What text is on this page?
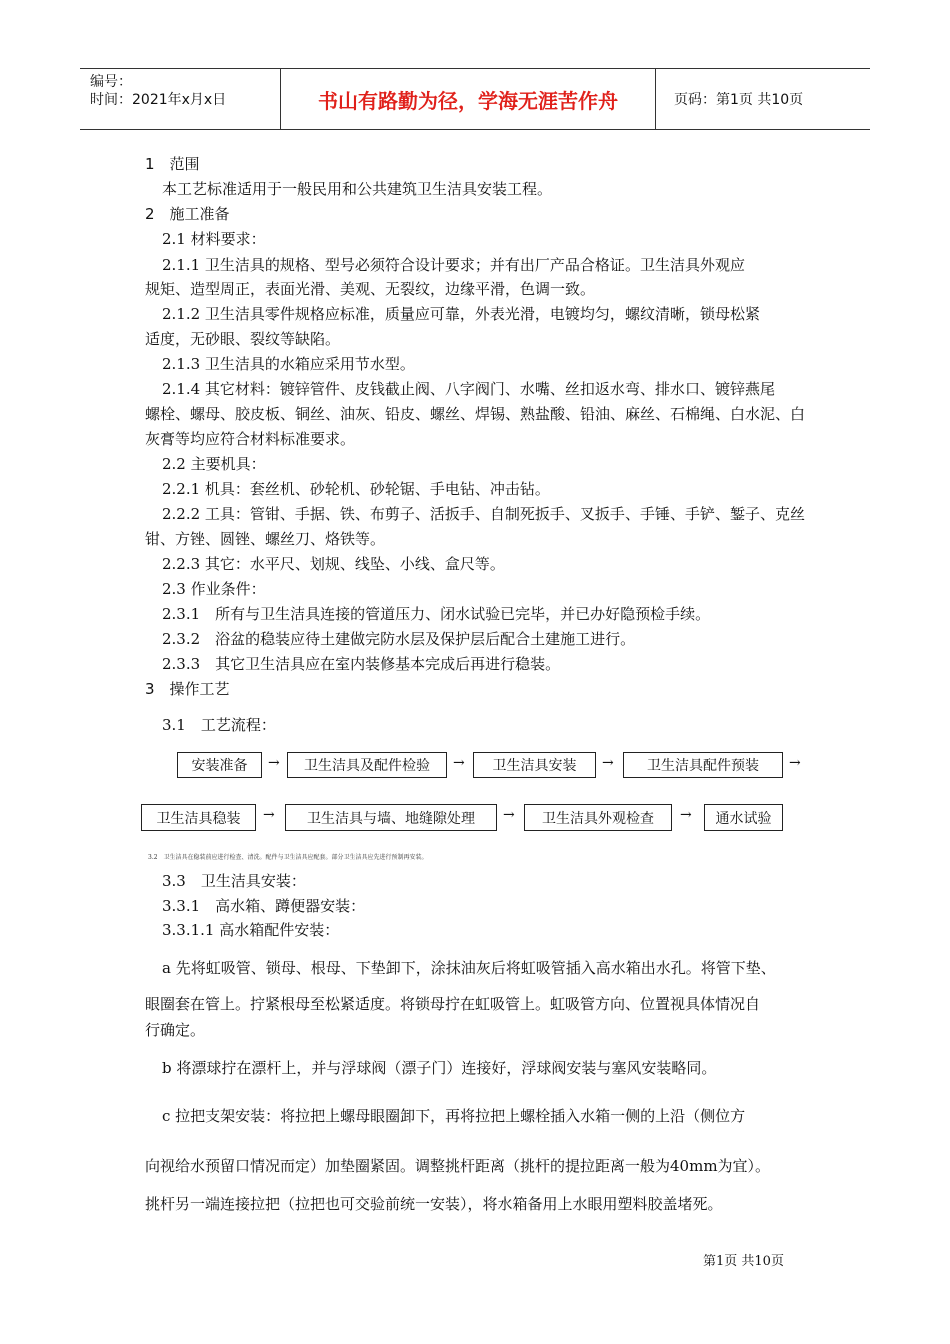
编号：
时间：2021年x月x日	书山有路勤为径，学海无涯苦作舟	页码：第1页 共10页
1　范围
本工艺标准适用于一般民用和公共建筑卫生洁具安装工程。
2　施工准备
2.1 材料要求：
2.1.1 卫生洁具的规格、型号必须符合设计要求；并有出厂产品合格证。卫生洁具外观应
规矩、造型周正，表面光滑、美观、无裂纹，边缘平滑，色调一致。
2.1.2 卫生洁具零件规格应标准，质量应可靠，外表光滑，电镀均匀，螺纹清晰，锁母松紧
适度，无砂眼、裂纹等缺陷。
2.1.3 卫生洁具的水箱应采用节水型。
2.1.4 其它材料：镀锌管件、皮钱截止阀、八字阀门、水嘴、丝扣返水弯、排水口、镀锌燕尾
螺栓、螺母、胶皮板、铜丝、油灰、铅皮、螺丝、焊锡、熟盐酸、铅油、麻丝、石棉绳、白水泥、白
灰膏等均应符合材料标准要求。
2.2 主要机具：
2.2.1 机具：套丝机、砂轮机、砂轮锯、手电钻、冲击钻。
2.2.2 工具：管钳、手据、铁、布剪子、活扳手、自制死扳手、叉扳手、手锤、手铲、錾子、克丝
钳、方锉、圆锉、螺丝刀、烙铁等。
2.2.3 其它：水平尺、划规、线坠、小线、盒尺等。
2.3 作业条件：
2.3.1　所有与卫生洁具连接的管道压力、闭水试验已完毕，并已办好隐预检手续。
2.3.2　浴盆的稳装应待土建做完防水层及保护层后配合土建施工进行。
2.3.3　其它卫生洁具应在室内装修基本完成后再进行稳装。
3　操作工艺
3.1　工艺流程：
安装准备	→	卫生洁具及配件检验	→	卫生洁具安装	→	卫生洁具配件预装	→
卫生洁具稳装	→	卫生洁具与墙、地缝隙处理	→	卫生洁具外观检查	→	通水试验
3.2　卫生洁具在稳装前应进行检查、清洗。配件与卫生洁具应配套。部分卫生洁具应先进行预制再安装。
3.3　卫生洁具安装：
3.3.1　高水箱、蹲便器安装：
3.3.1.1 高水箱配件安装：
a 先将虹吸管、锁母、根母、下垫卸下，涂抹油灰后将虹吸管插入高水箱出水孔。将管下垫、
眼圈套在管上。拧紧根母至松紧适度。将锁母拧在虹吸管上。虹吸管方向、位置视具体情况自
行确定。
b 将漂球拧在漂杆上，并与浮球阀（漂子门）连接好，浮球阀安装与塞风安装略同。
c 拉把支架安装：将拉把上螺母眼圈卸下，再将拉把上螺栓插入水箱一侧的上沿（侧位方
向视给水预留口情况而定）加垫圈紧固。调整挑杆距离（挑杆的提拉距离一般为40mm为宜）。
挑杆另一端连接拉把（拉把也可交验前统一安装），将水箱备用上水眼用塑料胶盖堵死。
第1页 共10页
